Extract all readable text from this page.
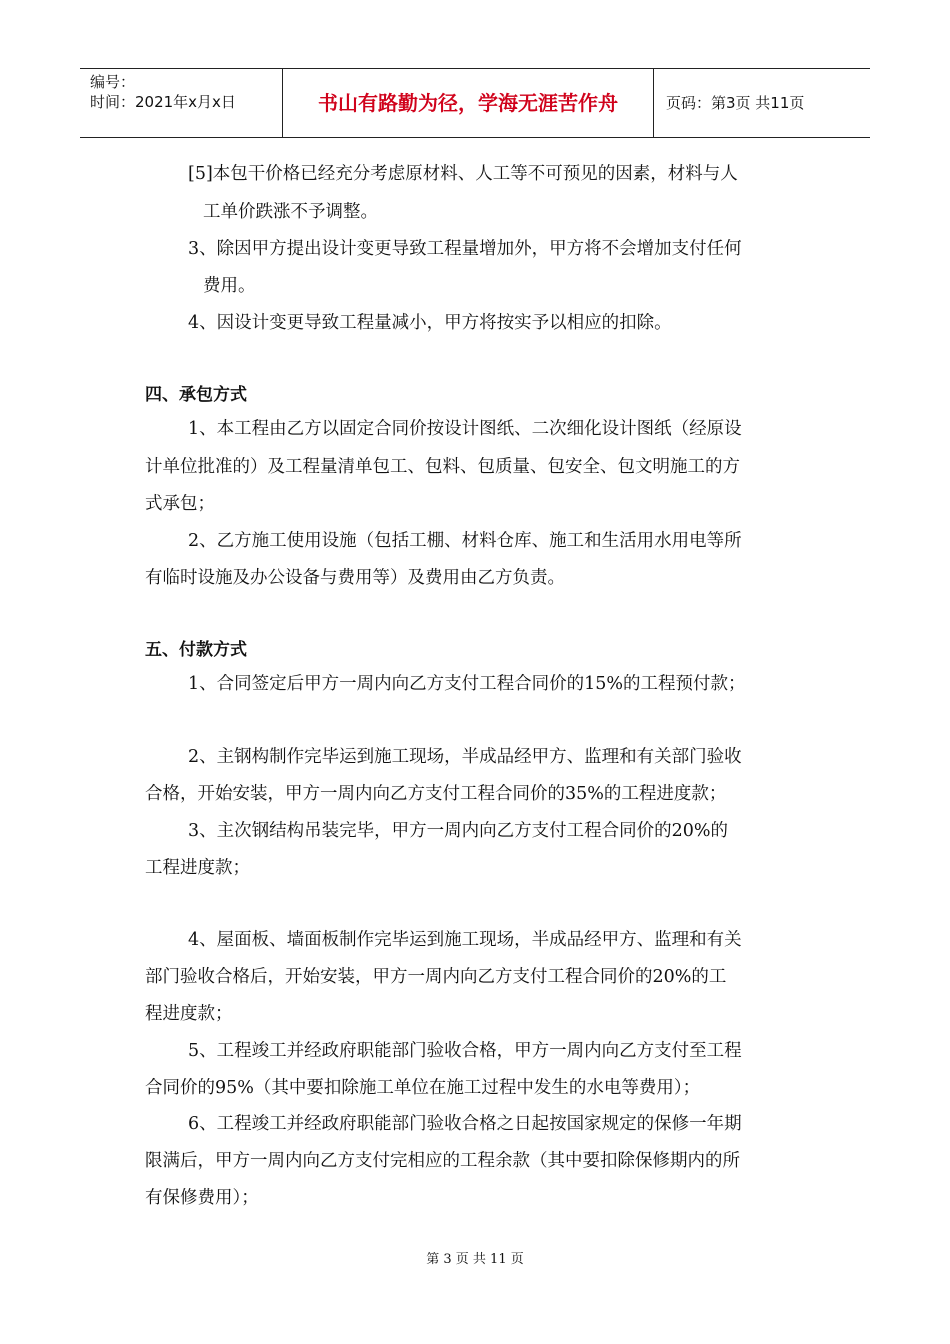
编号：
时间：2021年x月x日	书山有路勤为径，学海无涯苦作舟	页码：第3页 共11页
[5]本包干价格已经充分考虑原材料、人工等不可预见的因素，材料与人
工单价跌涨不予调整。
3、除因甲方提出设计变更导致工程量增加外，甲方将不会增加支付任何
费用。
4、因设计变更导致工程量减小，甲方将按实予以相应的扣除。
四、承包方式
1、本工程由乙方以固定合同价按设计图纸、二次细化设计图纸（经原设
计单位批准的）及工程量清单包工、包料、包质量、包安全、包文明施工的方
式承包；
2、乙方施工使用设施（包括工棚、材料仓库、施工和生活用水用电等所
有临时设施及办公设备与费用等）及费用由乙方负责。
五、付款方式
1、合同签定后甲方一周内向乙方支付工程合同价的15%的工程预付款；
2、主钢构制作完毕运到施工现场，半成品经甲方、监理和有关部门验收
合格，开始安装，甲方一周内向乙方支付工程合同价的35%的工程进度款；
3、主次钢结构吊装完毕，甲方一周内向乙方支付工程合同价的20%的
工程进度款；
4、屋面板、墙面板制作完毕运到施工现场，半成品经甲方、监理和有关
部门验收合格后，开始安装，甲方一周内向乙方支付工程合同价的20%的工
程进度款；
5、工程竣工并经政府职能部门验收合格，甲方一周内向乙方支付至工程
合同价的95%（其中要扣除施工单位在施工过程中发生的水电等费用）；
6、工程竣工并经政府职能部门验收合格之日起按国家规定的保修一年期
限满后，甲方一周内向乙方支付完相应的工程余款（其中要扣除保修期内的所
有保修费用）；
第 3 页 共 11 页
